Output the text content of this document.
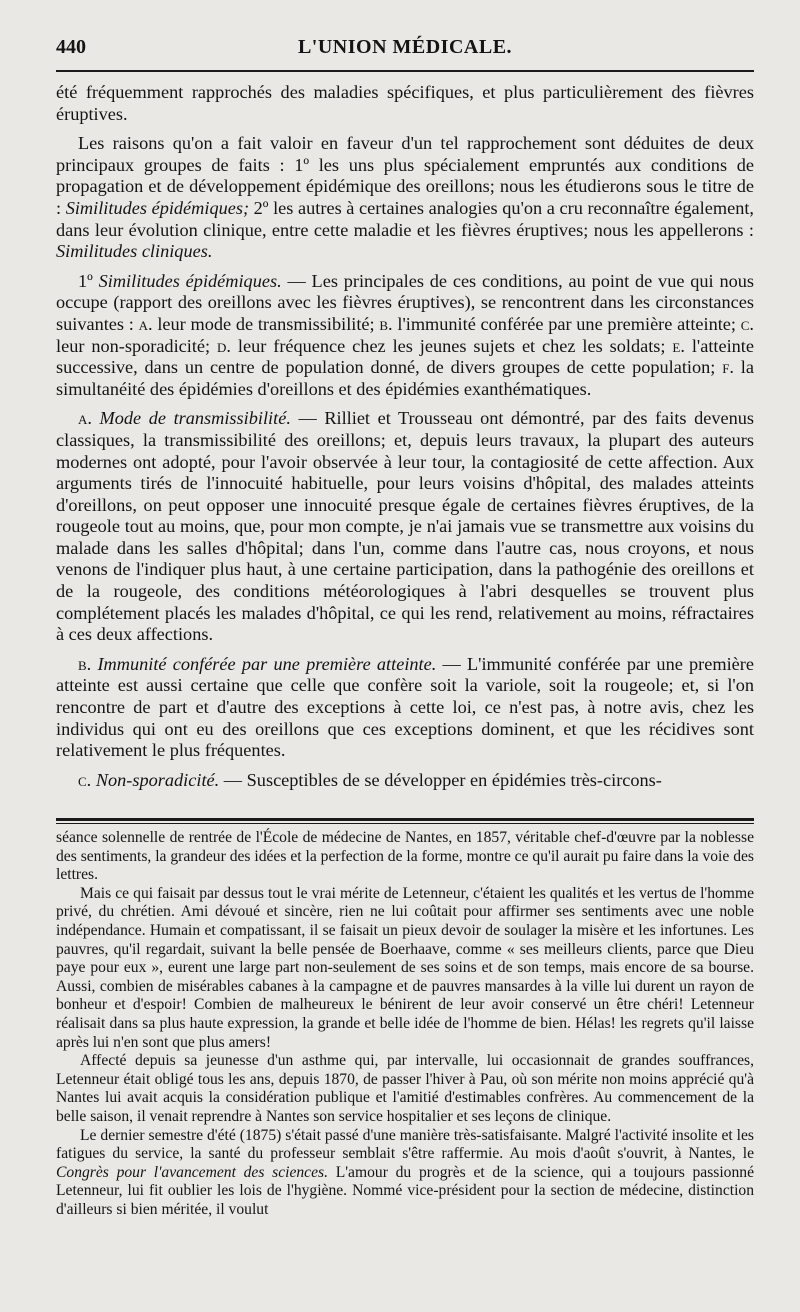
440	L'UNION MÉDICALE.

été fréquemment rapprochés des maladies spécifiques, et plus particulièrement des fièvres éruptives.

Les raisons qu'on a fait valoir en faveur d'un tel rapprochement sont déduites de deux principaux groupes de faits : 1º les uns plus spécialement empruntés aux conditions de propagation et de développement épidémique des oreillons; nous les étudierons sous le titre de : Similitudes épidémiques; 2º les autres à certaines analogies qu'on a cru reconnaître également, dans leur évolution clinique, entre cette maladie et les fièvres éruptives; nous les appellerons : Similitudes cliniques.

1º Similitudes épidémiques. — Les principales de ces conditions, au point de vue qui nous occupe (rapport des oreillons avec les fièvres éruptives), se rencontrent dans les circonstances suivantes : a. leur mode de transmissibilité; b. l'immunité conférée par une première atteinte; c. leur non-sporadicité; d. leur fréquence chez les jeunes sujets et chez les soldats; e. l'atteinte successive, dans un centre de population donné, de divers groupes de cette population; f. la simultanéité des épidémies d'oreillons et des épidémies exanthématiques.

a. Mode de transmissibilité. — Rilliet et Trousseau ont démontré, par des faits devenus classiques, la transmissibilité des oreillons; et, depuis leurs travaux, la plupart des auteurs modernes ont adopté, pour l'avoir observée à leur tour, la contagiosité de cette affection. Aux arguments tirés de l'innocuité habituelle, pour leurs voisins d'hôpital, des malades atteints d'oreillons, on peut opposer une innocuité presque égale de certaines fièvres éruptives, de la rougeole tout au moins, que, pour mon compte, je n'ai jamais vue se transmettre aux voisins du malade dans les salles d'hôpital; dans l'un, comme dans l'autre cas, nous croyons, et nous venons de l'indiquer plus haut, à une certaine participation, dans la pathogénie des oreillons et de la rougeole, des conditions météorologiques à l'abri desquelles se trouvent plus complétement placés les malades d'hôpital, ce qui les rend, relativement au moins, réfractaires à ces deux affections.

b. Immunité conférée par une première atteinte. — L'immunité conférée par une première atteinte est aussi certaine que celle que confère soit la variole, soit la rougeole; et, si l'on rencontre de part et d'autre des exceptions à cette loi, ce n'est pas, à notre avis, chez les individus qui ont eu des oreillons que ces exceptions dominent, et que les récidives sont relativement le plus fréquentes.

c. Non-sporadicité. — Susceptibles de se développer en épidémies très-circons-

séance solennelle de rentrée de l'École de médecine de Nantes, en 1857, véritable chef-d'œuvre par la noblesse des sentiments, la grandeur des idées et la perfection de la forme, montre ce qu'il aurait pu faire dans la voie des lettres.

Mais ce qui faisait par dessus tout le vrai mérite de Letenneur, c'étaient les qualités et les vertus de l'homme privé, du chrétien. Ami dévoué et sincère, rien ne lui coûtait pour affirmer ses sentiments avec une noble indépendance. Humain et compatissant, il se faisait un pieux devoir de soulager la misère et les infortunes. Les pauvres, qu'il regardait, suivant la belle pensée de Boerhaave, comme « ses meilleurs clients, parce que Dieu paye pour eux », eurent une large part non-seulement de ses soins et de son temps, mais encore de sa bourse. Aussi, combien de misérables cabanes à la campagne et de pauvres mansardes à la ville lui durent un rayon de bonheur et d'espoir! Combien de malheureux le bénirent de leur avoir conservé un être chéri! Letenneur réalisait dans sa plus haute expression, la grande et belle idée de l'homme de bien. Hélas! les regrets qu'il laisse après lui n'en sont que plus amers!

Affecté depuis sa jeunesse d'un asthme qui, par intervalle, lui occasionnait de grandes souffrances, Letenneur était obligé tous les ans, depuis 1870, de passer l'hiver à Pau, où son mérite non moins apprécié qu'à Nantes lui avait acquis la considération publique et l'amitié d'estimables confrères. Au commencement de la belle saison, il venait reprendre à Nantes son service hospitalier et ses leçons de clinique.

Le dernier semestre d'été (1875) s'était passé d'une manière très-satisfaisante. Malgré l'activité insolite et les fatigues du service, la santé du professeur semblait s'être raffermie. Au mois d'août s'ouvrit, à Nantes, le Congrès pour l'avancement des sciences. L'amour du progrès et de la science, qui a toujours passionné Letenneur, lui fit oublier les lois de l'hygiène. Nommé vice-président pour la section de médecine, distinction d'ailleurs si bien méritée, il voulut
